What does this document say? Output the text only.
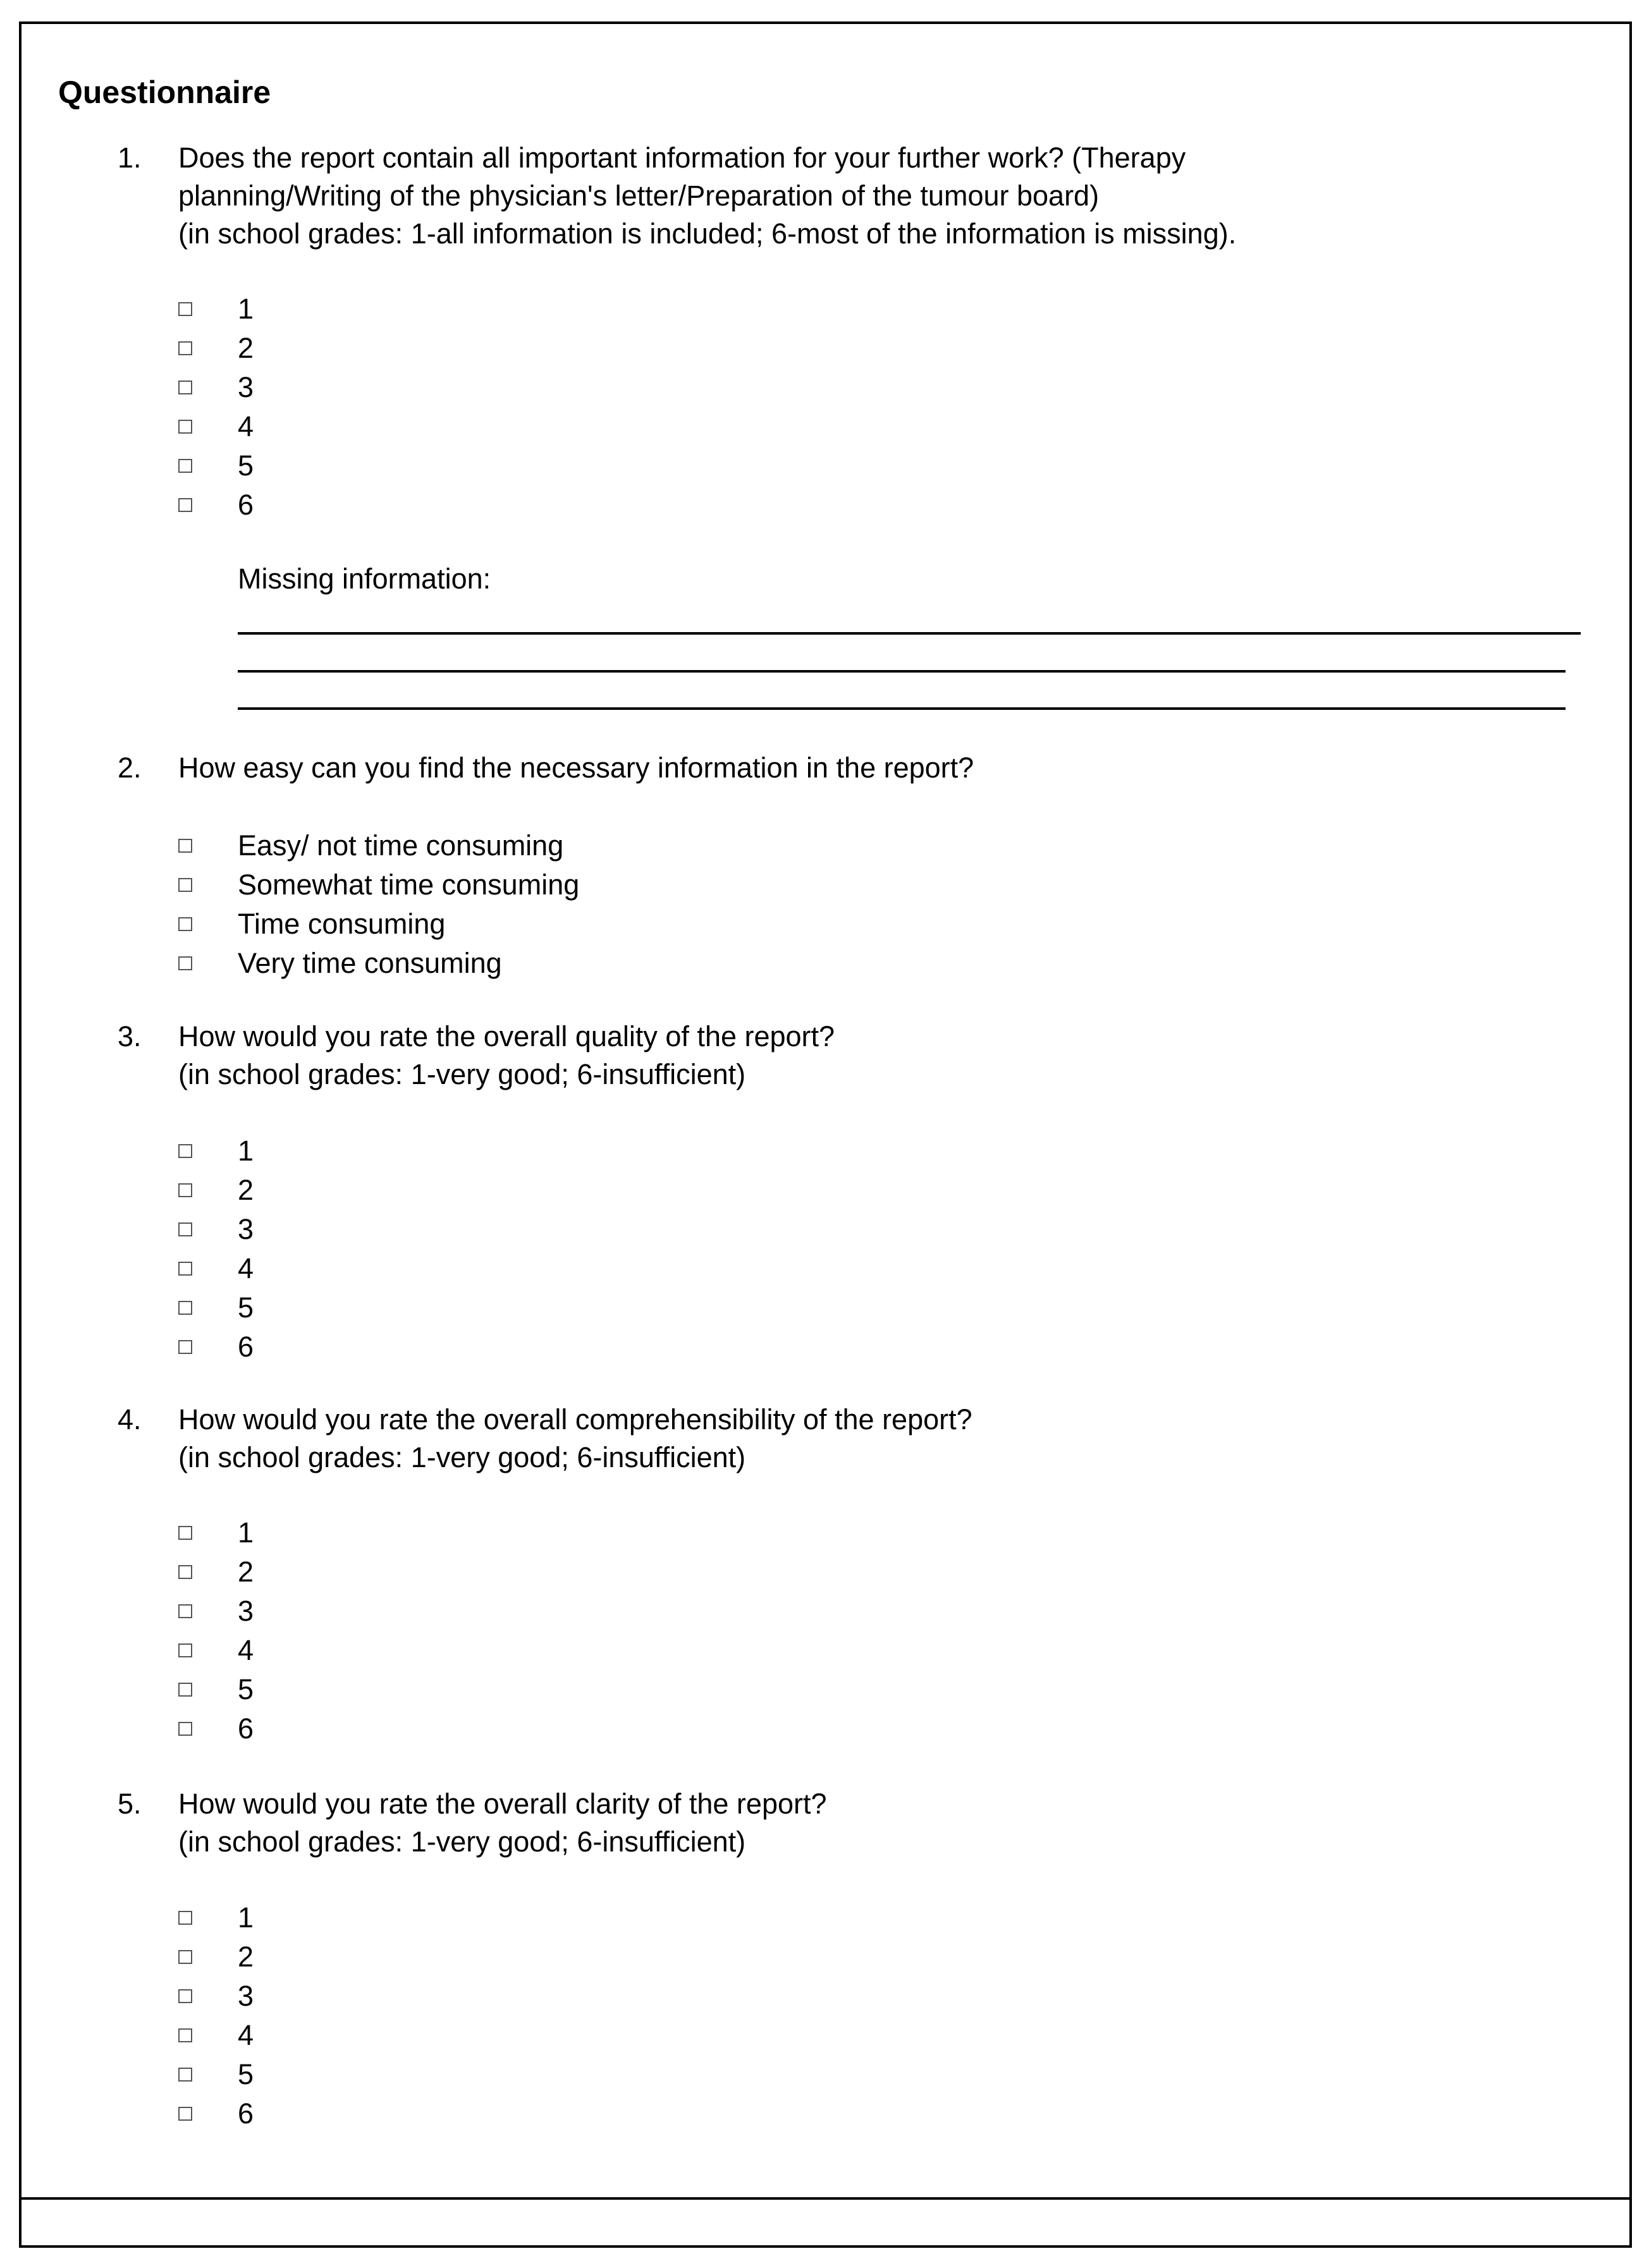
Questionnaire
1. Does the report contain all important information for your further work? (Therapy
planning/Writing of the physician's letter/Preparation of the tumour board)
(in school grades: 1-all information is included; 6-most of the information is missing).
1
2
3
4
5
6
Missing information:
2. How easy can you find the necessary information in the report?
Easy/ not time consuming
Somewhat time consuming
Time consuming
Very time consuming
3. How would you rate the overall quality of the report?
(in school grades: 1-very good; 6-insufficient)
1
2
3
4
5
6
4. How would you rate the overall comprehensibility of the report?
(in school grades: 1-very good; 6-insufficient)
1
2
3
4
5
6
5. How would you rate the overall clarity of the report?
(in school grades: 1-very good; 6-insufficient)
1
2
3
4
5
6
